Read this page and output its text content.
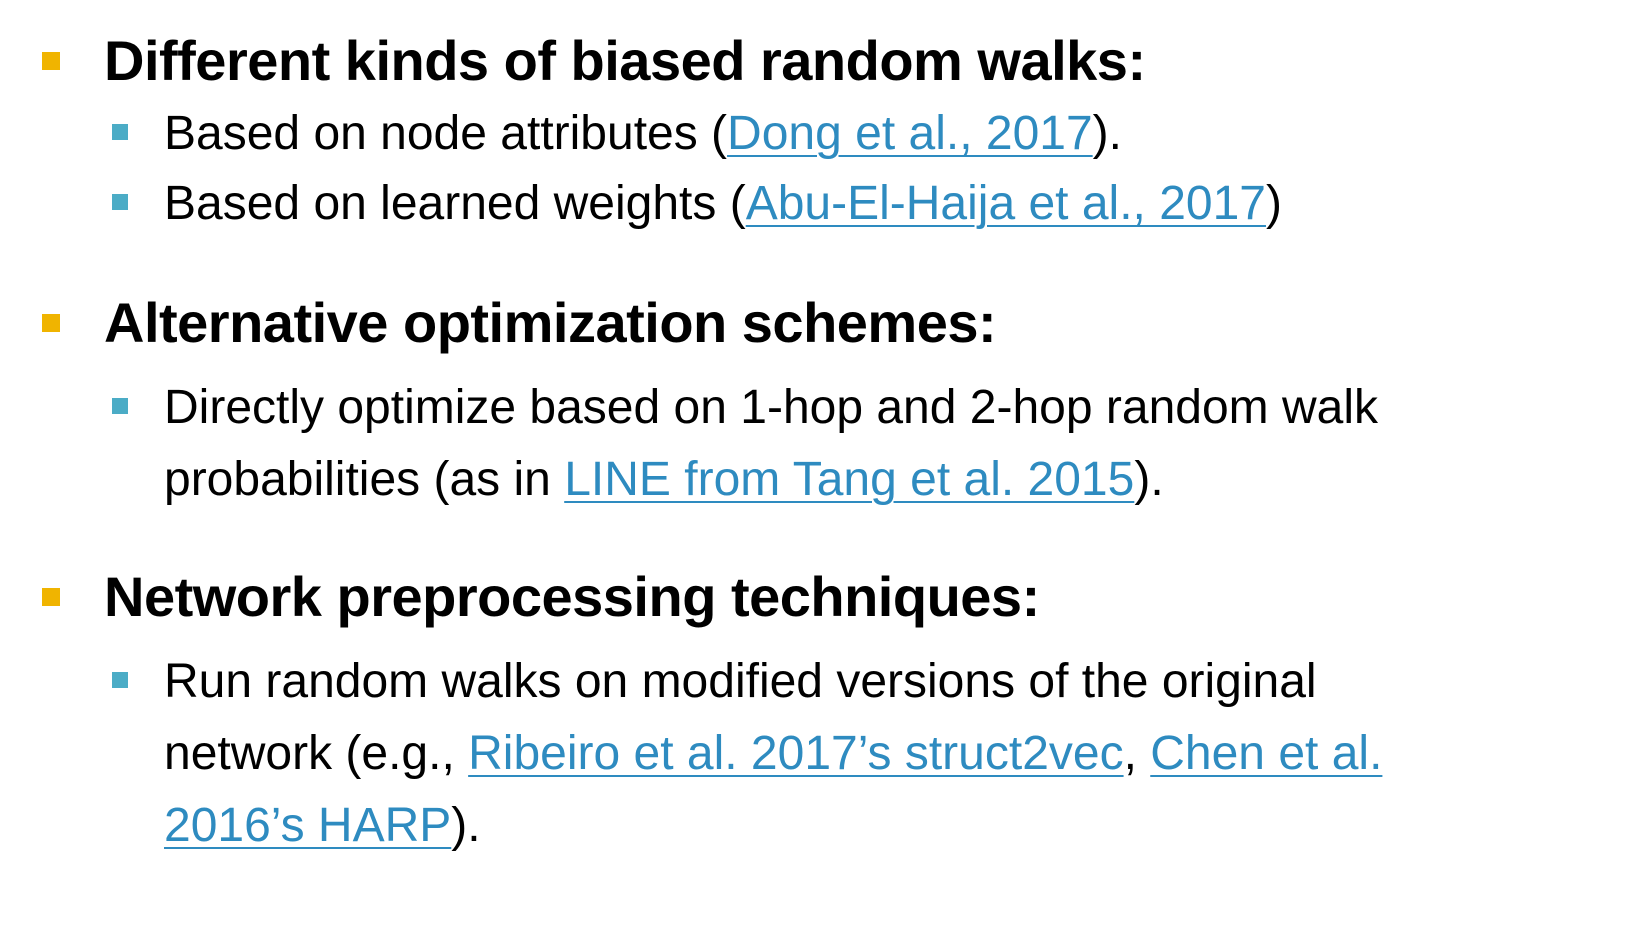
Different kinds of biased random walks:
Based on node attributes (Dong et al., 2017).
Based on learned weights (Abu-El-Haija et al., 2017)
Alternative optimization schemes:
Directly optimize based on 1-hop and 2-hop random walk
probabilities (as in LINE from Tang et al. 2015).
Network preprocessing techniques:
Run random walks on modified versions of the original
network (e.g., Ribeiro et al. 2017’s struct2vec, Chen et al.
2016’s HARP).
